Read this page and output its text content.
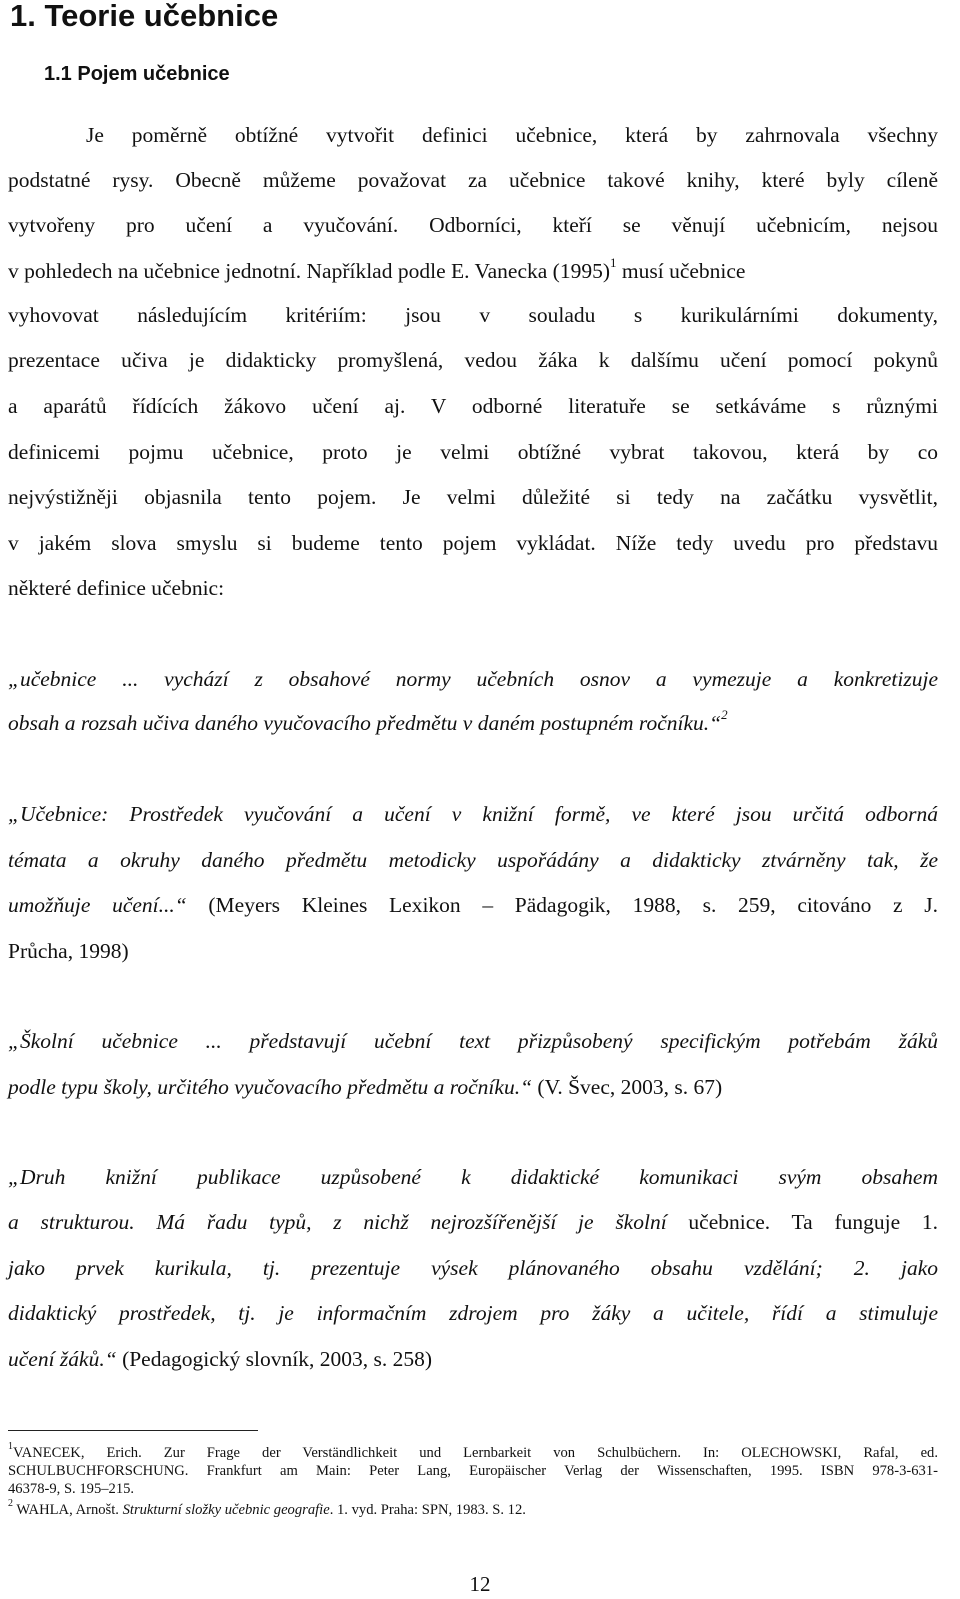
1. Teorie učebnice
1.1 Pojem učebnice
Je poměrně obtížné vytvořit definici učebnice, která by zahrnovala všechny
podstatné rysy. Obecně můžeme považovat za učebnice takové knihy, které byly cíleně
vytvořeny pro učení a vyučování. Odborníci, kteří se věnují učebnicím, nejsou
v pohledech na učebnice jednotní. Například podle E. Vanecka $(1995)^1$ musí učebnice
vyhovovat následujícím kritériím: jsou v souladu s kurikulárními dokumenty,
prezentace učiva je didakticky promyšlená, vedou žáka k dalšímu učení pomocí pokynů
a aparátů řídících žákovo učení aj. V odborné literatuře se setkáváme s různými
definicemi pojmu učebnice, proto je velmi obtížné vybrat takovou, která by co
nejvýstižněji objasnila tento pojem. Je velmi důležité si tedy na začátku vysvětlit,
v jakém slova smyslu si budeme tento pojem vykládat. Níže tedy uvedu pro představu
některé definice učebnic:
„učebnice ... vychází z obsahové normy učebních osnov a vymezuje a konkretizuje
obsah a rozsah učiva daného vyučovacího předmětu v daném postupném ročníku.“$^2$
„Učebnice: Prostředek vyučování a učení v knižní formě, ve které jsou určitá odborná
témata a okruhy daného předmětu metodicky uspořádány a didakticky ztvárněny tak, že
umožňuje učení...“ (Meyers Kleines Lexikon – Pädagogik, 1988, s. 259, citováno z J.
Průcha, 1998)
„Školní učebnice ... představují učební text přizpůsobený specifickým potřebám žáků
podle typu školy, určitého vyučovacího předmětu a ročníku.“ (V. Švec, 2003, s. 67)
„Druh knižní publikace uzpůsobené k didaktické komunikaci svým obsahem
a strukturou. Má řadu typů, z nichž nejrozšířenější je školní učebnice. Ta funguje 1.
jako prvek kurikula, tj. prezentuje výsek plánovaného obsahu vzdělání; 2. jako
didaktický prostředek, tj. je informačním zdrojem pro žáky a učitele, řídí a stimuluje
učení žáků.“ (Pedagogický slovník, 2003, s. 258)
$^1$VANECEK, Erich. Zur Frage der Verständlichkeit und Lernbarkeit von Schulbüchern. In: OLECHOWSKI, Rafal, ed.
SCHULBUCHFORSCHUNG. Frankfurt am Main: Peter Lang, Europäischer Verlag der Wissenschaften, 1995. ISBN 978-3-631-
46378-9, S. 195–215.
$^2$ WAHLA, Arnošt. Strukturní složky učebnic geografie. 1. vyd. Praha: SPN, 1983. S. 12.
12
